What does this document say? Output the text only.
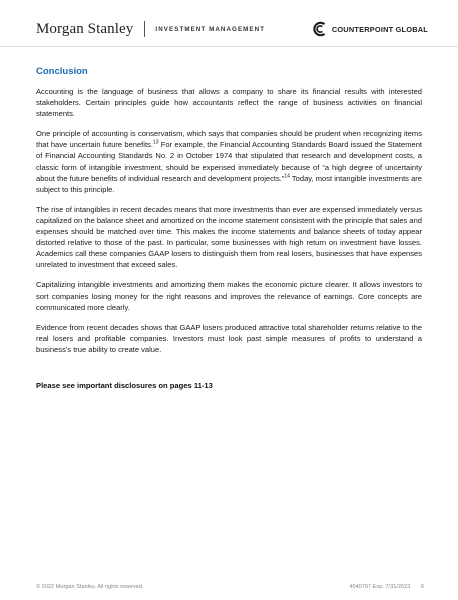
Morgan Stanley	INVESTMENT MANAGEMENT	COUNTERPOINT GLOBAL
Conclusion

Accounting is the language of business that allows a company to share its financial results with interested stakeholders. Certain principles guide how accountants reflect the range of business activities on financial statements.

One principle of accounting is conservatism, which says that companies should be prudent when recognizing items that have uncertain future benefits.$^{13}$ For example, the Financial Accounting Standards Board issued the Statement of Financial Accounting Standards No. 2 in October 1974 that stipulated that research and development costs, a classic form of intangible investment, should be expensed immediately because of “a high degree of uncertainty about the future benefits of individual research and development projects.”$^{14}$ Today, most intangible investments are subject to this principle.

The rise of intangibles in recent decades means that more investments than ever are expensed immediately versus capitalized on the balance sheet and amortized on the income statement consistent with the principle that sales and expenses should be matched over time. This makes the income statements and balance sheets of today appear distorted relative to those of the past. In particular, some businesses with high return on investment have losses. Academics call these companies GAAP losers to distinguish them from real losers, businesses that have expenses unrelated to investment that exceed sales.

Capitalizing intangible investments and amortizing them makes the economic picture clearer. It allows investors to sort companies losing money for the right reasons and improves the relevance of earnings. Core concepts are communicated more clearly.

Evidence from recent decades shows that GAAP losers produced attractive total shareholder returns relative to the real losers and profitable companies. Investors must look past simple measures of profits to understand a business’s true ability to create value.

Please see important disclosures on pages 11-13

© 2022 Morgan Stanley. All rights reserved.	4040797 Exp. 7/31/2023 6
